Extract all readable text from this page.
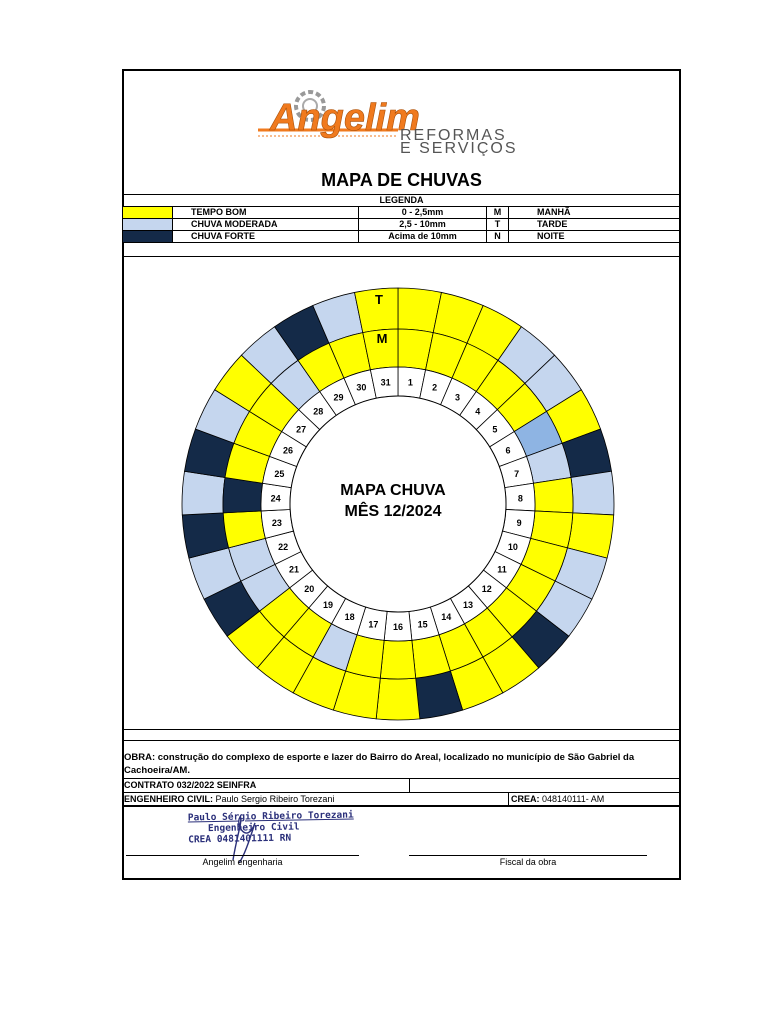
Angelim
REFORMAS
E SERVIÇOS
MAPA DE CHUVAS
LEGENDA				
	TEMPO BOM	0 - 2,5mm	M	MANHÃ
	CHUVA MODERADA	2,5 - 10mm	T	TARDE
	CHUVA FORTE	Acima de 10mm	N	NOITE
1 2
3
4
5
6
7
8
9
10
11
12
13
14
15
16
17
18
19
20
21
22
23
24
25
26
27
28
29
30 31
MAPA CHUVA
MÊS 12/2024
M
T
OBRA: construção do complexo de esporte e lazer do Bairro do Areal, localizado no município de São Gabriel da Cachoeira/AM.
CONTRATO 032/2022 SEINFRA
ENGENHEIRO CIVIL: Paulo Sergio Ribeiro Torezani	CREA: 048140111- AM
Paulo Sérgio Ribeiro Torezani
Engenheiro Civil
CREA 0481401111 RN
Angelim engenharia	Fiscal da obra
